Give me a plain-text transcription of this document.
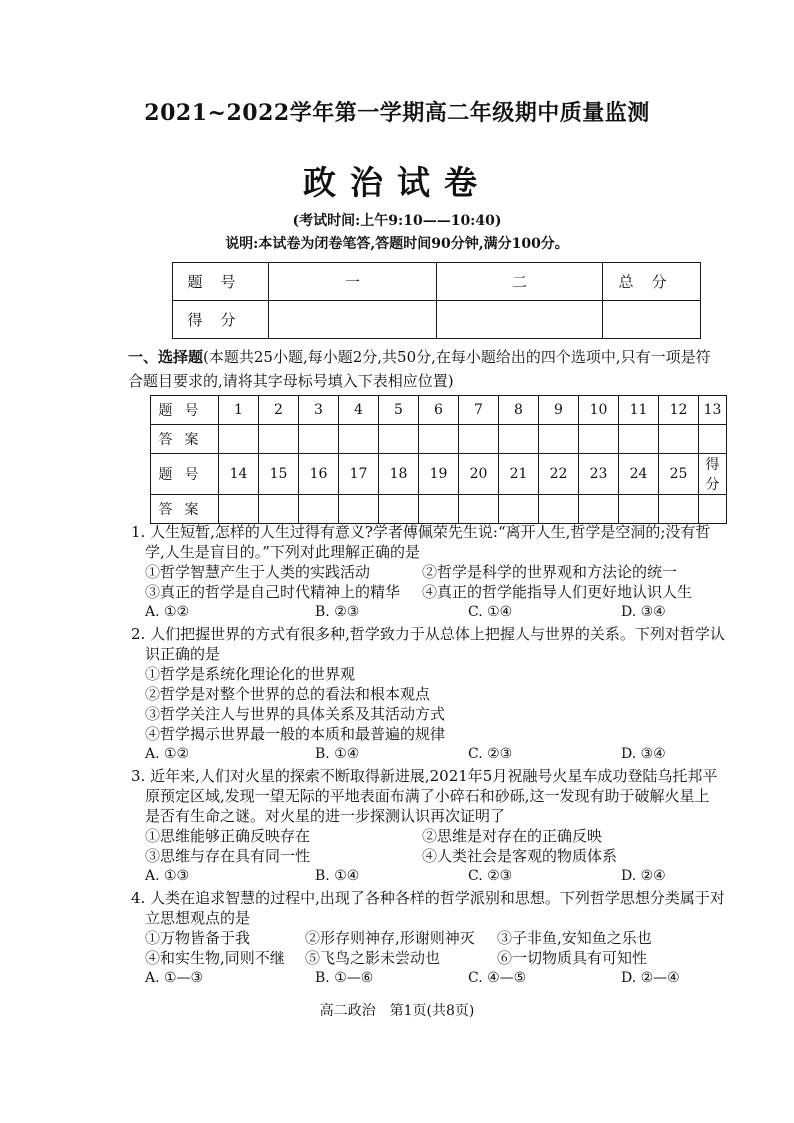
2021~2022学年第一学期高二年级期中质量监测
政治试卷
(考试时间:上午9:10——10:40)
说明:本试卷为闭卷笔答,答题时间90分钟,满分100分。
题号	一	二	总分
得分			
一、选择题(本题共25小题,每小题2分,共50分,在每小题给出的四个选项中,只有一项是符
合题目要求的,请将其字母标号填入下表相应位置)
题号	1	2	3	4	5	6	7	8	9	10	11	12	13
答案													
题号	14	15	16	17	18	19	20	21	22	23	24	25	得分
答案													
1. 人生短暂,怎样的人生过得有意义?学者傅佩荣先生说:“离开人生,哲学是空洞的;没有哲
学,人生是盲目的。”下列对此理解正确的是
①哲学智慧产生于人类的实践活动	②哲学是科学的世界观和方法论的统一
③真正的哲学是自己时代精神上的精华 ④真正的哲学能指导人们更好地认识人生
A. ①②	B. ②③	C. ①④	D. ③④
2. 人们把握世界的方式有很多种,哲学致力于从总体上把握人与世界的关系。下列对哲学认
识正确的是
①哲学是系统化理论化的世界观
②哲学是对整个世界的总的看法和根本观点
③哲学关注人与世界的具体关系及其活动方式
④哲学揭示世界最一般的本质和最普遍的规律
A. ①②	B. ①④	C. ②③	D. ③④
3. 近年来,人们对火星的探索不断取得新进展,2021年5月祝融号火星车成功登陆乌托邦平
原预定区域,发现一望无际的平地表面布满了小碎石和砂砾,这一发现有助于破解火星上
是否有生命之谜。对火星的进一步探测认识再次证明了
①思维能够正确反映存在	②思维是对存在的正确反映
③思维与存在具有同一性	④人类社会是客观的物质体系
A. ①③	B. ①④	C. ②③	D. ②④
4. 人类在追求智慧的过程中,出现了各种各样的哲学派别和思想。下列哲学思想分类属于对
立思想观点的是
①万物皆备于我	②形存则神存,形谢则神灭 ③子非鱼,安知鱼之乐也
④和实生物,同则不继 ⑤飞鸟之影未尝动也	⑥一切物质具有可知性
A. ①—③	B. ①—⑥	C. ④—⑤	D. ②—④
高二政治　第1页(共8页)
